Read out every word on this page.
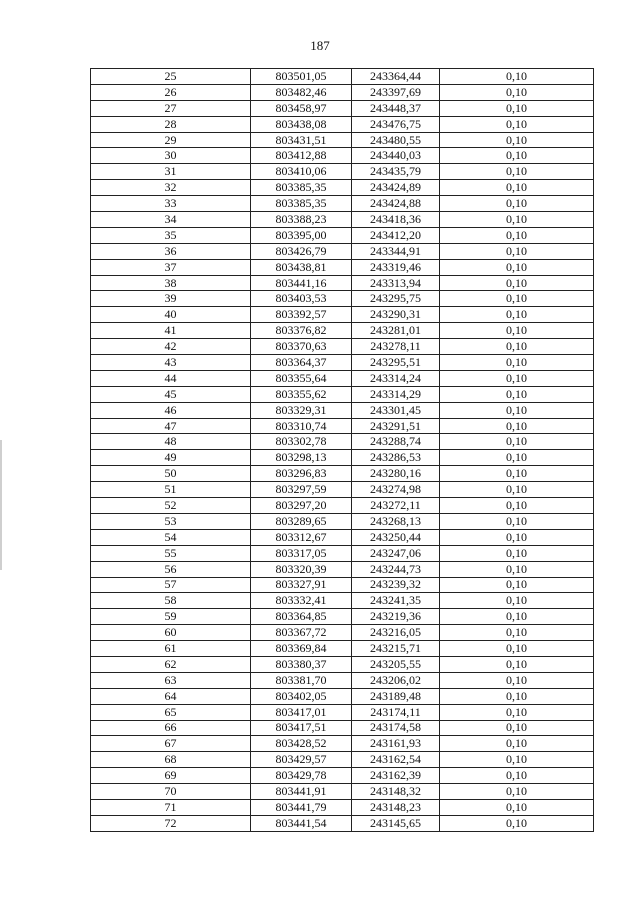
187
25	803501,05	243364,44	0,10
26	803482,46	243397,69	0,10
27	803458,97	243448,37	0,10
28	803438,08	243476,75	0,10
29	803431,51	243480,55	0,10
30	803412,88	243440,03	0,10
31	803410,06	243435,79	0,10
32	803385,35	243424,89	0,10
33	803385,35	243424,88	0,10
34	803388,23	243418,36	0,10
35	803395,00	243412,20	0,10
36	803426,79	243344,91	0,10
37	803438,81	243319,46	0,10
38	803441,16	243313,94	0,10
39	803403,53	243295,75	0,10
40	803392,57	243290,31	0,10
41	803376,82	243281,01	0,10
42	803370,63	243278,11	0,10
43	803364,37	243295,51	0,10
44	803355,64	243314,24	0,10
45	803355,62	243314,29	0,10
46	803329,31	243301,45	0,10
47	803310,74	243291,51	0,10
48	803302,78	243288,74	0,10
49	803298,13	243286,53	0,10
50	803296,83	243280,16	0,10
51	803297,59	243274,98	0,10
52	803297,20	243272,11	0,10
53	803289,65	243268,13	0,10
54	803312,67	243250,44	0,10
55	803317,05	243247,06	0,10
56	803320,39	243244,73	0,10
57	803327,91	243239,32	0,10
58	803332,41	243241,35	0,10
59	803364,85	243219,36	0,10
60	803367,72	243216,05	0,10
61	803369,84	243215,71	0,10
62	803380,37	243205,55	0,10
63	803381,70	243206,02	0,10
64	803402,05	243189,48	0,10
65	803417,01	243174,11	0,10
66	803417,51	243174,58	0,10
67	803428,52	243161,93	0,10
68	803429,57	243162,54	0,10
69	803429,78	243162,39	0,10
70	803441,91	243148,32	0,10
71	803441,79	243148,23	0,10
72	803441,54	243145,65	0,10
